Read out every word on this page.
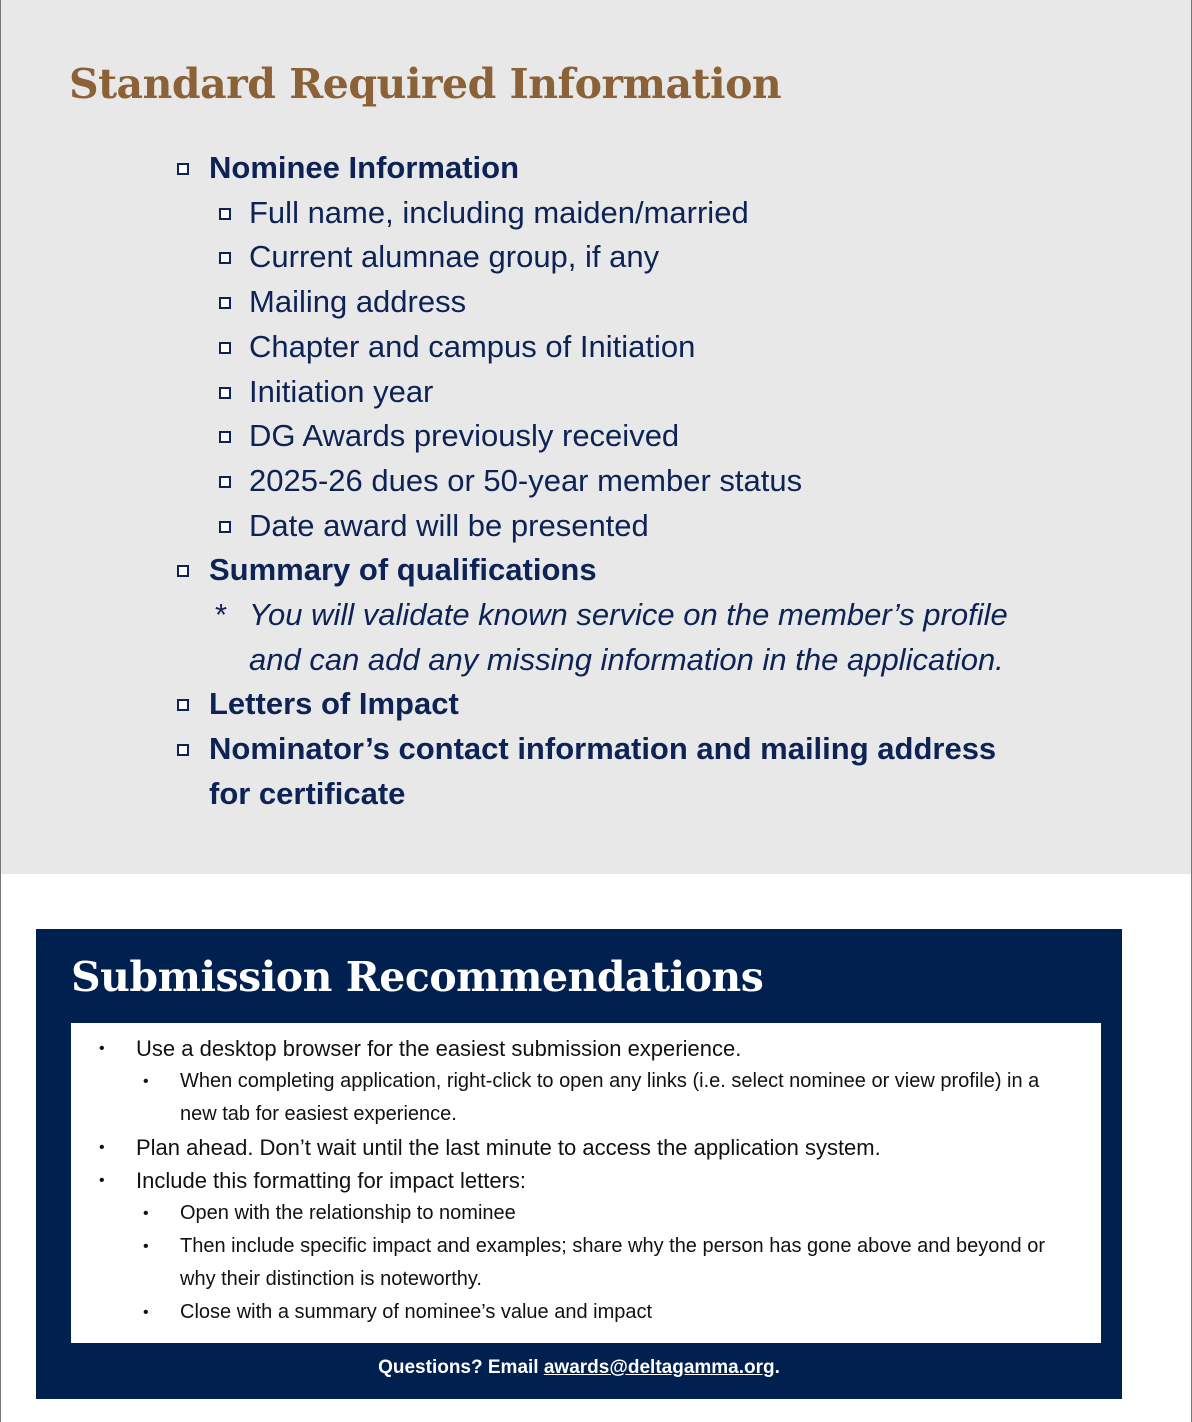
Standard Required Information
Nominee Information
Full name, including maiden/married
Current alumnae group, if any
Mailing address
Chapter and campus of Initiation
Initiation year
DG Awards previously received
2025-26 dues or 50-year member status
Date award will be presented
Summary of qualifications
* You will validate known service on the member’s profile and can add any missing information in the application.
Letters of Impact
Nominator’s contact information and mailing address for certificate
Submission Recommendations
• Use a desktop browser for the easiest submission experience.
• When completing application, right-click to open any links (i.e. select nominee or view profile) in a new tab for easiest experience.
• Plan ahead. Don’t wait until the last minute to access the application system.
• Include this formatting for impact letters:
• Open with the relationship to nominee
• Then include specific impact and examples; share why the person has gone above and beyond or why their distinction is noteworthy.
• Close with a summary of nominee’s value and impact
Questions? Email awards@deltagamma.org.
